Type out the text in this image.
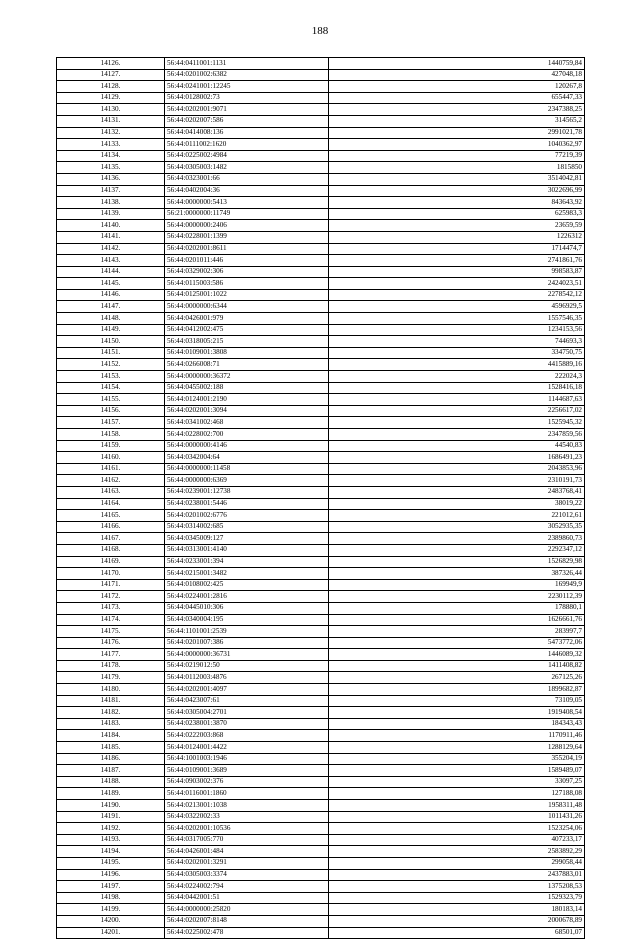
188
14126.	56:44:0411001:1131	1440759,84
14127.	56:44:0201002:6382	427048,18
14128.	56:44:0241001:12245	120267,8
14129.	56:44:0128002:73	655447,33
14130.	56:44:0202001:9071	2347388,25
14131.	56:44:0202007:586	314565,2
14132.	56:44:0414008:136	2991021,78
14133.	56:44:0111002:1620	1040362,97
14134.	56:44:0225002:4984	77219,39
14135.	56:44:0305003:1482	1815850
14136.	56:44:0323001:66	3514042,81
14137.	56:44:0402004:36	3022696,99
14138.	56:44:0000000:5413	843643,92
14139.	56:21:0000000:11749	625983,3
14140.	56:44:0000000:2406	23659,59
14141.	56:44:0228001:1399	1226312
14142.	56:44:0202001:8611	1714474,7
14143.	56:44:0201011:446	2741861,76
14144.	56:44:0329002:306	998583,87
14145.	56:44:0115003:586	2424023,51
14146.	56:44:0125001:1022	2278542,12
14147.	56:44:0000000:6344	4596929,5
14148.	56:44:0426001:979	1557546,35
14149.	56:44:0412002:475	1234153,56
14150.	56:44:0318005:215	744693,3
14151.	56:44:0109001:3808	334750,75
14152.	56:44:0266008:71	4415889,16
14153.	56:44:0000000:36372	222024,3
14154.	56:44:0455002:188	1528416,18
14155.	56:44:0124001:2190	1144687,63
14156.	56:44:0202001:3094	2256617,02
14157.	56:44:0341002:468	1525945,32
14158.	56:44:0228002:700	2347859,56
14159.	56:44:0000000:4146	44540,83
14160.	56:44:0342004:64	1686491,23
14161.	56:44:0000000:11458	2043853,96
14162.	56:44:0000000:6369	2310191,73
14163.	56:44:0239001:12738	2483768,41
14164.	56:44:0238001:5446	38019,22
14165.	56:44:0201002:6776	221012,61
14166.	56:44:0314002:685	3052935,35
14167.	56:44:0345009:127	2389860,73
14168.	56:44:0313001:4140	2292347,12
14169.	56:44:0233001:394	1526829,98
14170.	56:44:0215001:3482	387326,44
14171.	56:44:0108002:425	169949,9
14172.	56:44:0224001:2816	2230112,39
14173.	56:44:0445010:306	178880,1
14174.	56:44:0340004:195	1626661,76
14175.	56:44:1101001:2539	283997,7
14176.	56:44:0201007:386	5473772,06
14177.	56:44:0000000:36731	1446089,32
14178.	56:44:0219012:50	1411408,82
14179.	56:44:0112003:4876	267125,26
14180.	56:44:0202001:4097	1899682,87
14181.	56:44:0423007:61	73109,05
14182.	56:44:0305004:2701	1919408,54
14183.	56:44:0238001:3870	184343,43
14184.	56:44:0222003:868	1170911,46
14185.	56:44:0124001:4422	1288129,64
14186.	56:44:1001003:1946	355204,19
14187.	56:44:0109001:3689	1589489,07
14188.	56:44:0903002:376	33097,25
14189.	56:44:0116001:1860	127188,08
14190.	56:44:0213001:1038	1958311,48
14191.	56:44:0322002:33	1011431,26
14192.	56:44:0202001:10536	1523254,06
14193.	56:44:0317005:770	407233,17
14194.	56:44:0426001:484	2583892,29
14195.	56:44:0202001:3291	299058,44
14196.	56:44:0305003:3374	2437883,01
14197.	56:44:0224002:794	1375208,53
14198.	56:44:0442001:51	1529323,79
14199.	56:44:0000000:25820	180183,14
14200.	56:44:0202007:8148	2000678,89
14201.	56:44:0225002:478	68501,07
